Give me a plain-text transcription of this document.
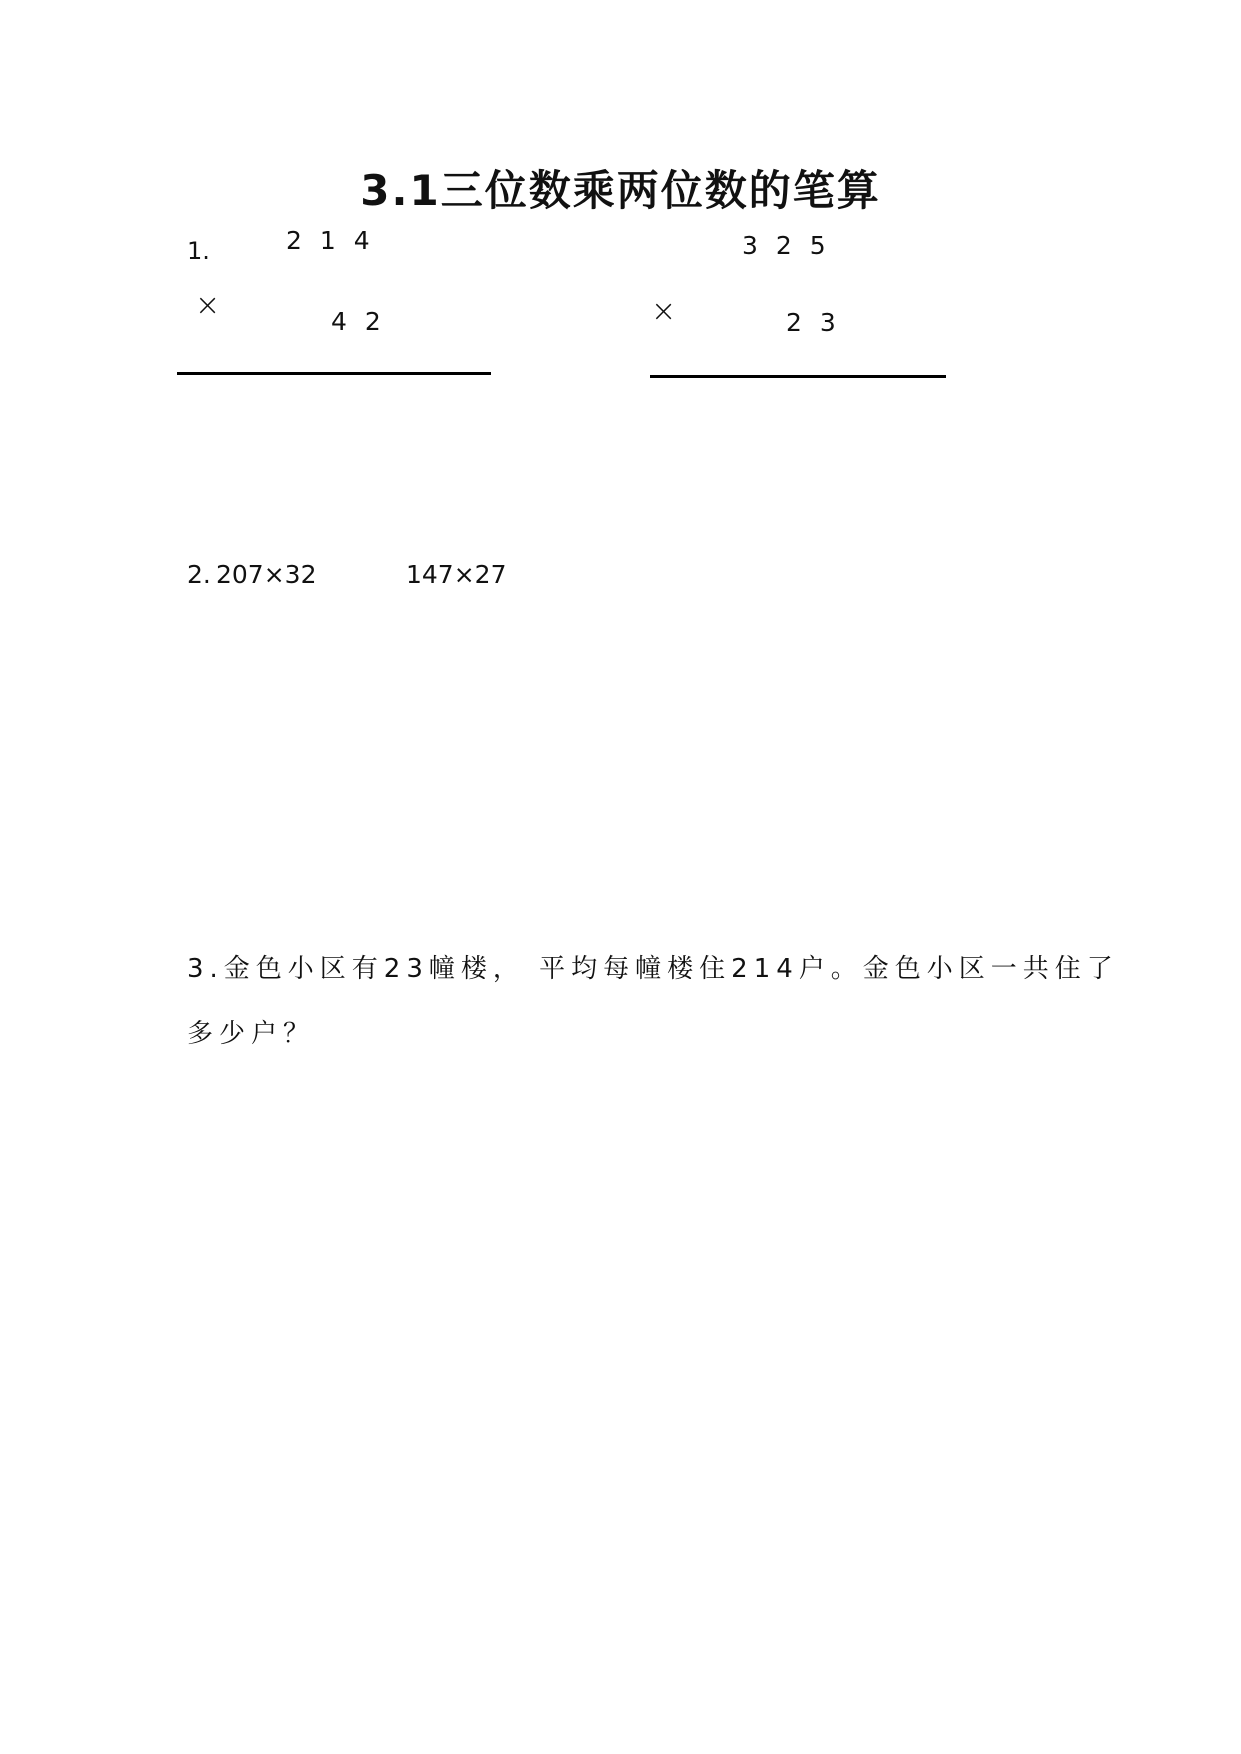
3.1三位数乘两位数的笔算
1.	2 1 4
×	4 2
3 2 5
×	2 3
2. 207×32	147×27
3.金色小区有23幢楼， 平均每幢楼住214户。金色小区一共住了
多少户？
